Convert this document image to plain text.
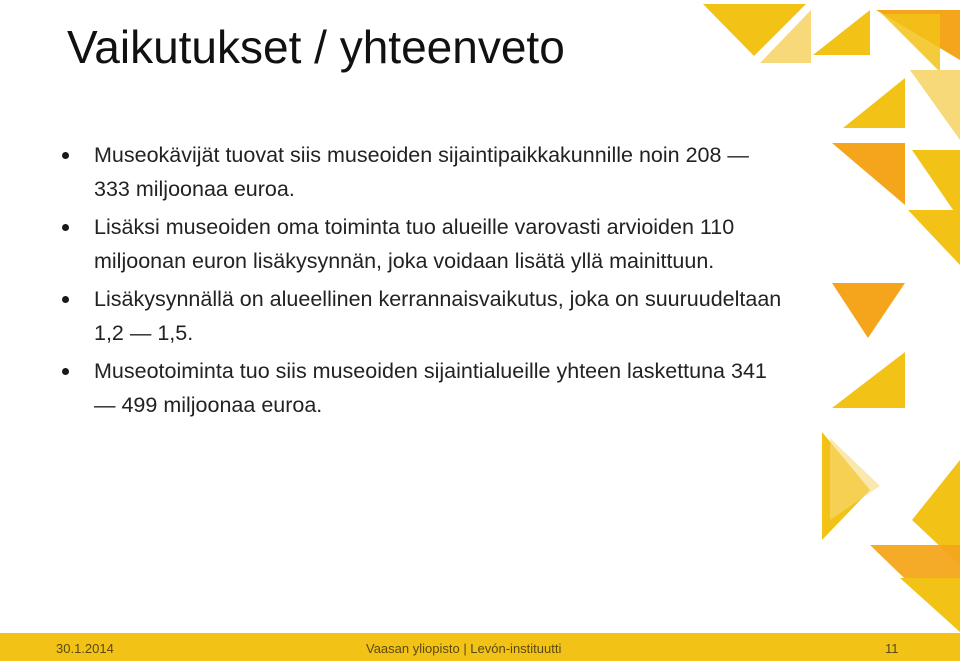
Vaikutukset / yhteenveto
Museokävijät tuovat siis museoiden sijaintipaikkakunnille noin 208 — 333 miljoonaa euroa.
Lisäksi museoiden oma toiminta tuo alueille varovasti arvioiden 110 miljoonan euron lisäkysynnän, joka voidaan lisätä yllä mainittuun.
Lisäkysynnällä on alueellinen kerrannaisvaikutus, joka on suuruudeltaan 1,2 — 1,5.
Museotoiminta tuo siis museoiden sijaintialueille yhteen laskettuna 341 — 499 miljoonaa euroa.
30.1.2014	Vaasan yliopisto | Levón-instituutti	11
